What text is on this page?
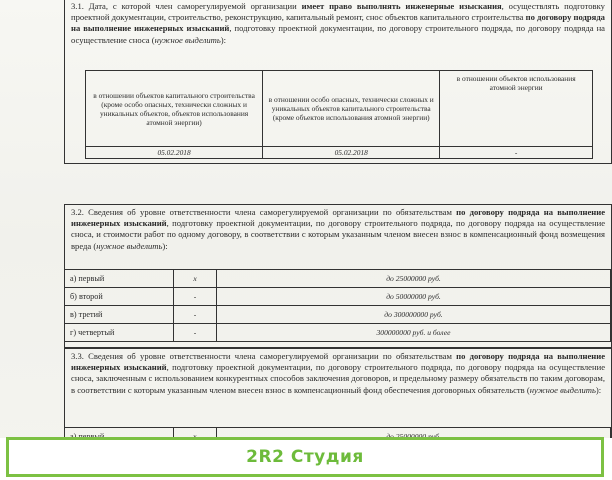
3.1. Дата, с которой член саморегулируемой организации имеет право выполнять инженерные изыскания, осуществлять подготовку проектной документации, строительство, реконструкцию, капитальный ремонт, снос объектов капитального строительства по договору подряда на выполнение инженерных изысканий, подготовку проектной документации, по договору строительного подряда, по договору подряда на осуществление сноса (нужное выделить):

в отношении объектов капитального строительства (кроме особо опасных, технически сложных и уникальных объектов, объектов использования атомной энергии)	в отношении особо опасных, технически сложных и уникальных объектов капитального строительства (кроме объектов использования атомной энергии)	в отношении объектов использования атомной энергии
05.02.2018	05.02.2018	-

3.2. Сведения об уровне ответственности члена саморегулируемой организации по обязательствам по договору подряда на выполнение инженерных изысканий, подготовку проектной документации, по договору строительного подряда, по договору подряда на осуществление сноса, и стоимости работ по одному договору, в соответствии с которым указанным членом внесен взнос в компенсационный фонд возмещения вреда (нужное выделить):

а) первый	x	до 25000000 руб.
б) второй	-	до 50000000 руб.
в) третий	-	до 300000000 руб.
г) четвертый	-	300000000 руб. и более

3.3. Сведения об уровне ответственности члена саморегулируемой организации по обязательствам по договору подряда на выполнение инженерных изысканий, подготовку проектной документации, по договору строительного подряда, по договору подряда на осуществление сноса, заключенным с использованием конкурентных способов заключения договоров, и предельному размеру обязательств по таким договорам, в соответствии с которым указанным членом внесен взнос в компенсационный фонд обеспечения договорных обязательств (нужное выделить):

2R2 Студия
